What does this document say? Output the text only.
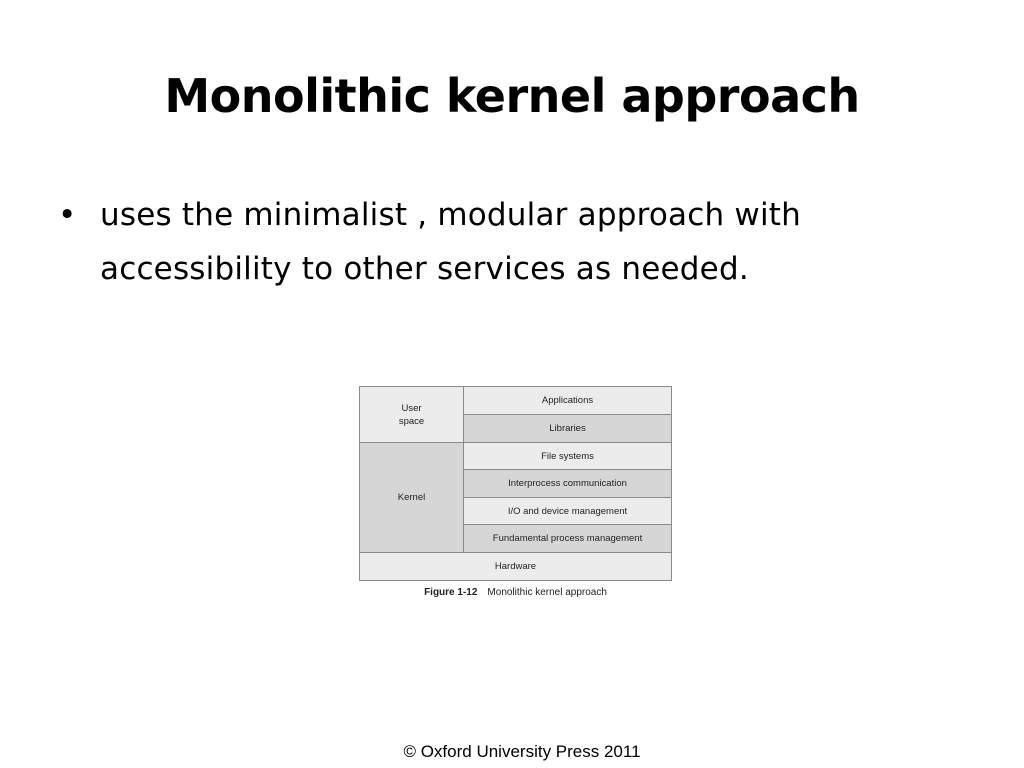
Monolithic kernel approach
• uses the minimalist , modular approach with accessibility to other services as needed.
User
space
Kernel
Applications
Libraries
File systems
Interprocess communication
I/O and device management
Fundamental process management
Hardware
Figure 1-12 Monolithic kernel approach
© Oxford University Press 2011
